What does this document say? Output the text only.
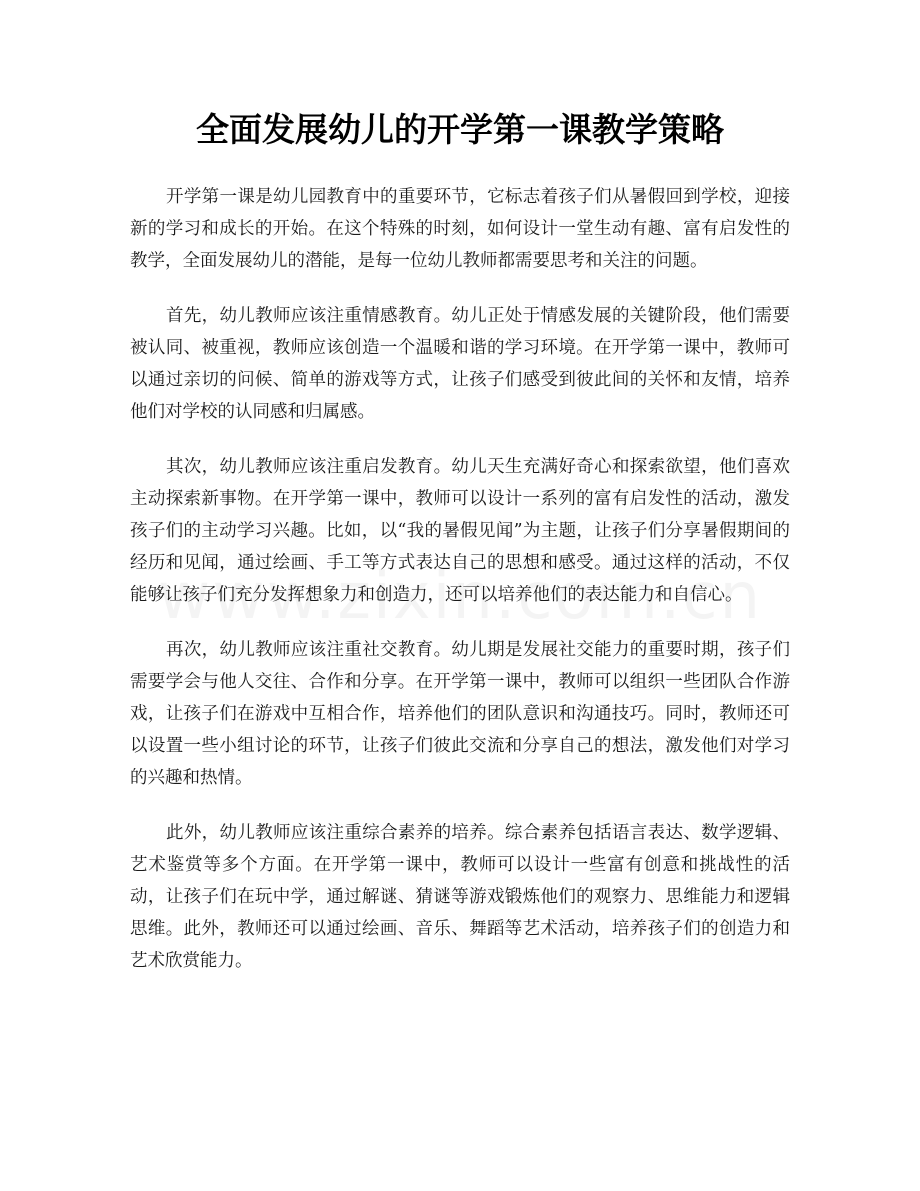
全面发展幼儿的开学第一课教学策略

开学第一课是幼儿园教育中的重要环节，它标志着孩子们从暑假回到学校，迎接新的学习和成长的开始。在这个特殊的时刻，如何设计一堂生动有趣、富有启发性的教学，全面发展幼儿的潜能，是每一位幼儿教师都需要思考和关注的问题。

首先，幼儿教师应该注重情感教育。幼儿正处于情感发展的关键阶段，他们需要被认同、被重视，教师应该创造一个温暖和谐的学习环境。在开学第一课中，教师可以通过亲切的问候、简单的游戏等方式，让孩子们感受到彼此间的关怀和友情，培养他们对学校的认同感和归属感。

其次，幼儿教师应该注重启发教育。幼儿天生充满好奇心和探索欲望，他们喜欢主动探索新事物。在开学第一课中，教师可以设计一系列的富有启发性的活动，激发孩子们的主动学习兴趣。比如，以“我的暑假见闻”为主题，让孩子们分享暑假期间的经历和见闻，通过绘画、手工等方式表达自己的思想和感受。通过这样的活动，不仅能够让孩子们充分发挥想象力和创造力，还可以培养他们的表达能力和自信心。

再次，幼儿教师应该注重社交教育。幼儿期是发展社交能力的重要时期，孩子们需要学会与他人交往、合作和分享。在开学第一课中，教师可以组织一些团队合作游戏，让孩子们在游戏中互相合作，培养他们的团队意识和沟通技巧。同时，教师还可以设置一些小组讨论的环节，让孩子们彼此交流和分享自己的想法，激发他们对学习的兴趣和热情。

此外，幼儿教师应该注重综合素养的培养。综合素养包括语言表达、数学逻辑、艺术鉴赏等多个方面。在开学第一课中，教师可以设计一些富有创意和挑战性的活动，让孩子们在玩中学，通过解谜、猜谜等游戏锻炼他们的观察力、思维能力和逻辑思维。此外，教师还可以通过绘画、音乐、舞蹈等艺术活动，培养孩子们的创造力和艺术欣赏能力。
